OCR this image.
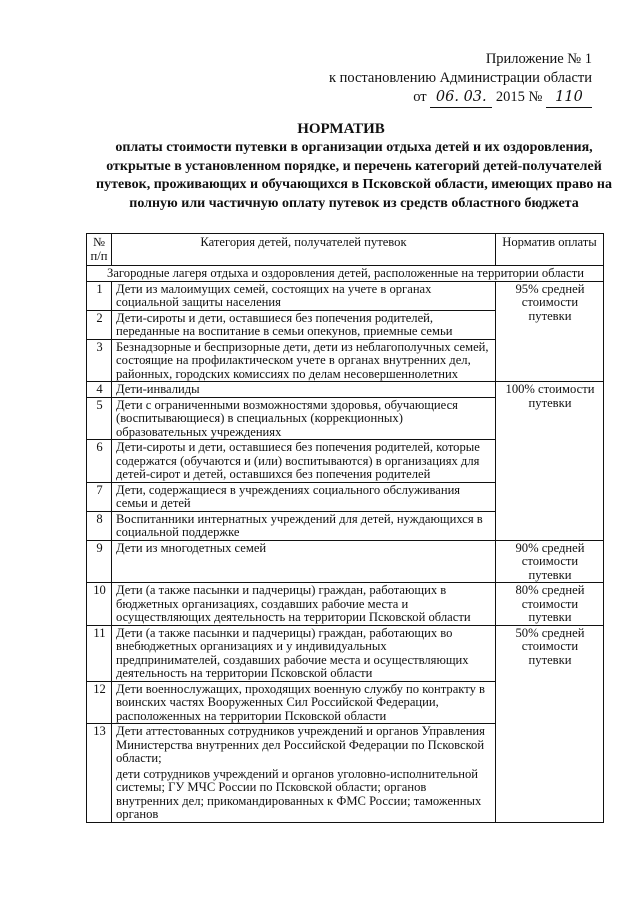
Приложение № 1
к постановлению Администрации области
от 06. 03. 2015 № 110
НОРМАТИВ
оплаты стоимости путевки в организации отдыха детей и их оздоровления, открытые в установленном порядке, и перечень категорий детей-получателей путевок, проживающих и обучающихся в Псковской области, имеющих право на полную или частичную оплату путевок из средств областного бюджета
№ п/п	Категория детей, получателей путевок	Норматив оплаты
Загородные лагеря отдыха и оздоровления детей, расположенные на территории области		
1	Дети из малоимущих семей, состоящих на учете в органах социальной защиты населения	95% средней стоимости путевки
2	Дети-сироты и дети, оставшиеся без попечения родителей, переданные на воспитание в семьи опекунов, приемные семьи	
3	Безнадзорные и беспризорные дети, дети из неблагополучных семей, состоящие на профилактическом учете в органах внутренних дел, районных, городских комиссиях по делам несовершеннолетних	
4	Дети-инвалиды	100% стоимости путевки
5	Дети с ограниченными возможностями здоровья, обучающиеся (воспитывающиеся) в специальных (коррекционных) образовательных учреждениях	
6	Дети-сироты и дети, оставшиеся без попечения родителей, которые содержатся (обучаются и (или) воспитываются) в организациях для детей-сирот и детей, оставшихся без попечения родителей	
7	Дети, содержащиеся в учреждениях социального обслуживания семьи и детей	
8	Воспитанники интернатных учреждений для детей, нуждающихся в социальной поддержке	
9	Дети из многодетных семей	90% средней стоимости путевки
10	Дети (а также пасынки и падчерицы) граждан, работающих в бюджетных организациях, создавших рабочие места и осуществляющих деятельность на территории Псковской области	80% средней стоимости путевки
11	Дети (а также пасынки и падчерицы) граждан, работающих во внебюджетных организациях и у индивидуальных предпринимателей, создавших рабочие места и осуществляющих деятельность на территории Псковской области	50% средней стоимости путевки
12	Дети военнослужащих, проходящих военную службу по контракту в воинских частях Вооруженных Сил Российской Федерации, расположенных на территории Псковской области	
13	Дети аттестованных сотрудников учреждений и органов Управления Министерства внутренних дел Российской Федерации по Псковской области;
дети сотрудников учреждений и органов уголовно-исполнительной системы; ГУ МЧС России по Псковской области; органов внутренних дел; прикомандированных к ФМС России; таможенных органов	
